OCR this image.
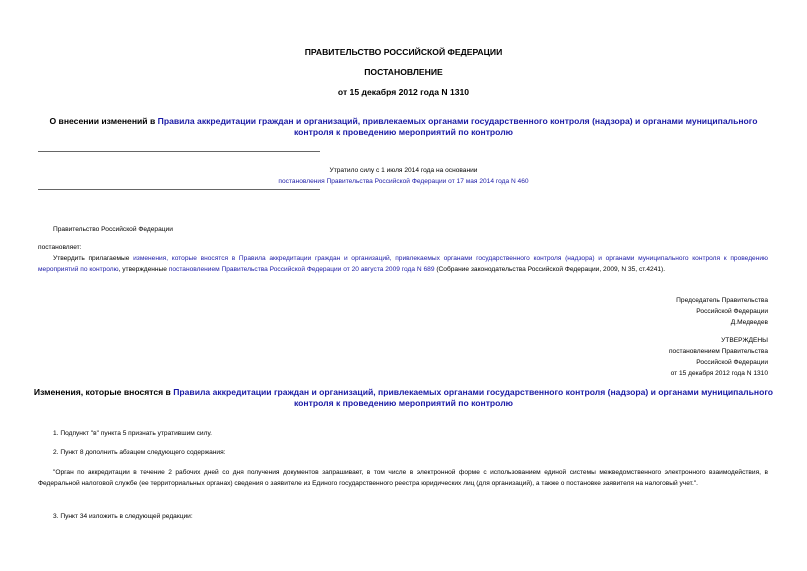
ПРАВИТЕЛЬСТВО РОССИЙСКОЙ ФЕДЕРАЦИИ
ПОСТАНОВЛЕНИЕ
от 15 декабря 2012 года N 1310
О внесении изменений в Правила аккредитации граждан и организаций, привлекаемых органами государственного контроля (надзора) и органами муниципального контроля к проведению мероприятий по контролю
Утратило силу с 1 июля 2014 года на основании
постановления Правительства Российской Федерации от 17 мая 2014 года N 460
Правительство Российской Федерации
постановляет:
Утвердить прилагаемые изменения, которые вносятся в Правила аккредитации граждан и организаций, привлекаемых органами государственного контроля (надзора) и органами муниципального контроля к проведению мероприятий по контролю, утвержденные постановлением Правительства Российской Федерации от 20 августа 2009 года N 689 (Собрание законодательства Российской Федерации, 2009, N 35, ст.4241).
Председатель Правительства
Российской Федерации
Д.Медведев
УТВЕРЖДЕНЫ
постановлением Правительства
Российской Федерации
от 15 декабря 2012 года N 1310
Изменения, которые вносятся в Правила аккредитации граждан и организаций, привлекаемых органами государственного контроля (надзора) и органами муниципального контроля к проведению мероприятий по контролю
1. Подпункт "в" пункта 5 признать утратившим силу.
2. Пункт 8 дополнить абзацем следующего содержания:
"Орган по аккредитации в течение 2 рабочих дней со дня получения документов запрашивает, в том числе в электронной форме с использованием единой системы межведомственного электронного взаимодействия, в Федеральной налоговой службе (ее территориальных органах) сведения о заявителе из Единого государственного реестра юридических лиц (для организаций), а также о постановке заявителя на налоговый учет.".
3. Пункт 34 изложить в следующей редакции:
